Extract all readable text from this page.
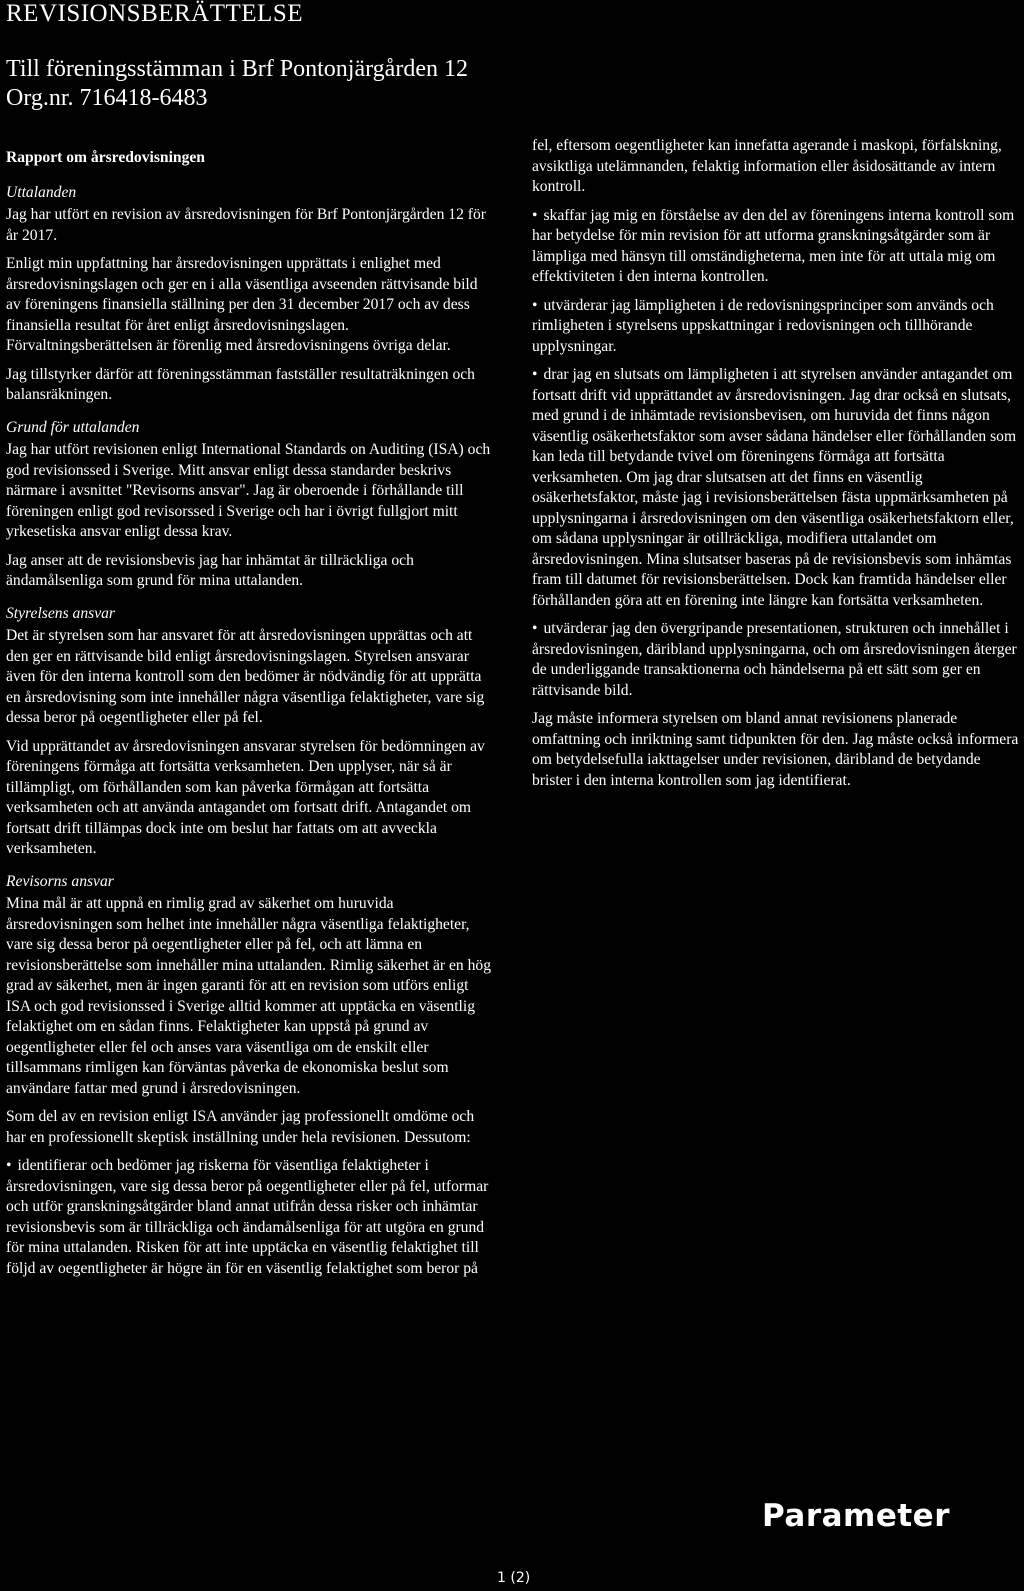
REVISIONSBERÄTTELSE
Till föreningsstämman i Brf Pontonjärgården 12
Org.nr. 716418-6483
Rapport om årsredovisningen
Uttalanden

Jag har utfört en revision av årsredovisningen för Brf Pontonjärgården 12 för år 2017.

Enligt min uppfattning har årsredovisningen upprättats i enlighet med årsredovisningslagen och ger en i alla väsentliga avseenden rättvisande bild av föreningens finansiella ställning per den 31 december 2017 och av dess finansiella resultat för året enligt årsredovisningslagen. Förvaltningsberättelsen är förenlig med årsredovisningens övriga delar.

Jag tillstyrker därför att föreningsstämman fastställer resultaträkningen och balansräkningen.

Grund för uttalanden

Jag har utfört revisionen enligt International Standards on Auditing (ISA) och god revisionssed i Sverige. Mitt ansvar enligt dessa standarder beskrivs närmare i avsnittet "Revisorns ansvar". Jag är oberoende i förhållande till föreningen enligt god revisorssed i Sverige och har i övrigt fullgjort mitt yrkesetiska ansvar enligt dessa krav.

Jag anser att de revisionsbevis jag har inhämtat är tillräckliga och ändamålsenliga som grund för mina uttalanden.

Styrelsens ansvar

Det är styrelsen som har ansvaret för att årsredovisningen upprättas och att den ger en rättvisande bild enligt årsredovisningslagen. Styrelsen ansvarar även för den interna kontroll som den bedömer är nödvändig för att upprätta en årsredovisning som inte innehåller några väsentliga felaktigheter, vare sig dessa beror på oegentligheter eller på fel.

Vid upprättandet av årsredovisningen ansvarar styrelsen för bedömningen av föreningens förmåga att fortsätta verksamheten. Den upplyser, när så är tillämpligt, om förhållanden som kan påverka förmågan att fortsätta verksamheten och att använda antagandet om fortsatt drift. Antagandet om fortsatt drift tillämpas dock inte om beslut har fattats om att avveckla verksamheten.

Revisorns ansvar

Mina mål är att uppnå en rimlig grad av säkerhet om huruvida årsredovisningen som helhet inte innehåller några väsentliga felaktigheter, vare sig dessa beror på oegentligheter eller på fel, och att lämna en revisionsberättelse som innehåller mina uttalanden. Rimlig säkerhet är en hög grad av säkerhet, men är ingen garanti för att en revision som utförs enligt ISA och god revisionssed i Sverige alltid kommer att upptäcka en väsentlig felaktighet om en sådan finns. Felaktigheter kan uppstå på grund av oegentligheter eller fel och anses vara väsentliga om de enskilt eller tillsammans rimligen kan förväntas påverka de ekonomiska beslut som användare fattar med grund i årsredovisningen.

Som del av en revision enligt ISA använder jag professionellt omdöme och har en professionellt skeptisk inställning under hela revisionen. Dessutom:

• identifierar och bedömer jag riskerna för väsentliga felaktigheter i årsredovisningen, vare sig dessa beror på oegentligheter eller på fel, utformar och utför granskningsåtgärder bland annat utifrån dessa risker och inhämtar revisionsbevis som är tillräckliga och ändamålsenliga för att utgöra en grund för mina uttalanden. Risken för att inte upptäcka en väsentlig felaktighet till följd av oegentligheter är högre än för en väsentlig felaktighet som beror på

fel, eftersom oegentligheter kan innefatta agerande i maskopi, förfalskning, avsiktliga utelämnanden, felaktig information eller åsidosättande av intern kontroll.

• skaffar jag mig en förståelse av den del av föreningens interna kontroll som har betydelse för min revision för att utforma granskningsåtgärder som är lämpliga med hänsyn till omständigheterna, men inte för att uttala mig om effektiviteten i den interna kontrollen.

• utvärderar jag lämpligheten i de redovisningsprinciper som används och rimligheten i styrelsens uppskattningar i redovisningen och tillhörande upplysningar.

• drar jag en slutsats om lämpligheten i att styrelsen använder antagandet om fortsatt drift vid upprättandet av årsredovisningen. Jag drar också en slutsats, med grund i de inhämtade revisionsbevisen, om huruvida det finns någon väsentlig osäkerhetsfaktor som avser sådana händelser eller förhållanden som kan leda till betydande tvivel om föreningens förmåga att fortsätta verksamheten. Om jag drar slutsatsen att det finns en väsentlig osäkerhetsfaktor, måste jag i revisionsberättelsen fästa uppmärksamheten på upplysningarna i årsredovisningen om den väsentliga osäkerhetsfaktorn eller, om sådana upplysningar är otillräckliga, modifiera uttalandet om årsredovisningen. Mina slutsatser baseras på de revisionsbevis som inhämtas fram till datumet för revisionsberättelsen. Dock kan framtida händelser eller förhållanden göra att en förening inte längre kan fortsätta verksamheten.

• utvärderar jag den övergripande presentationen, strukturen och innehållet i årsredovisningen, däribland upplysningarna, och om årsredovisningen återger de underliggande transaktionerna och händelserna på ett sätt som ger en rättvisande bild.

Jag måste informera styrelsen om bland annat revisionens planerade omfattning och inriktning samt tidpunkten för den. Jag måste också informera om betydelsefulla iakttagelser under revisionen, däribland de betydande brister i den interna kontrollen som jag identifierat.

Parameter
1 (2)
